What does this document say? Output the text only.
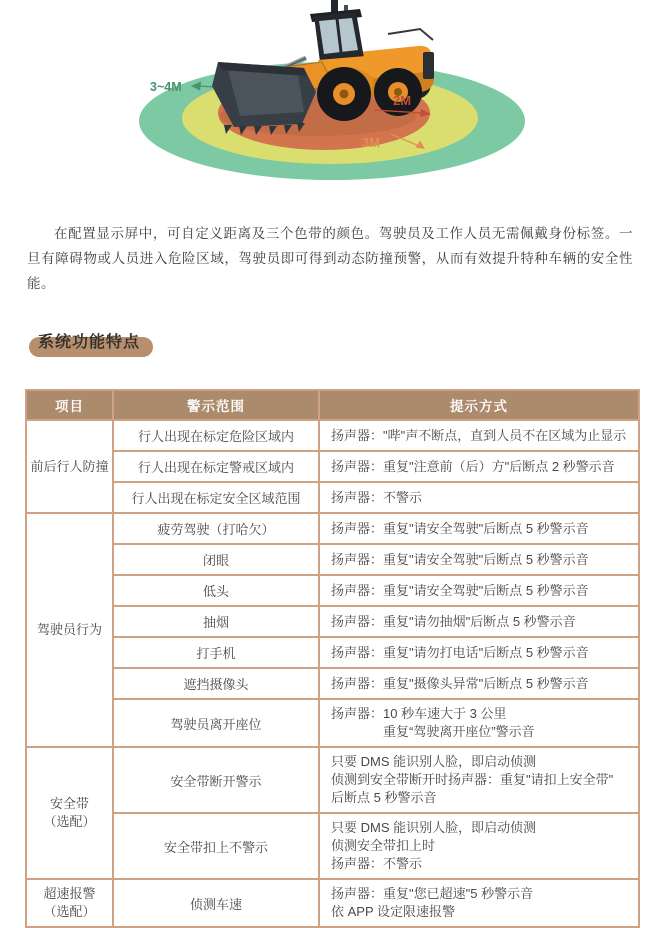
3~4M
2M
3M

在配置显示屏中，可自定义距离及三个色带的颜色。驾驶员及工作人员无需佩戴身份标签。一旦有障碍物或人员进入危险区域，驾驶员即可得到动态防撞预警，从而有效提升特种车辆的安全性能。

系统功能特点
项目	警示范围	提示方式

前后行人防撞	行人出现在标定危险区域内	扬声器："哔"声不断点，直到人员不在区域为止显示

	行人出现在标定警戒区域内	扬声器：重复"注意前（后）方"后断点 2 秒警示音

	行人出现在标定安全区域范围	扬声器：不警示

驾驶员行为	疲劳驾驶（打哈欠）	扬声器：重复"请安全驾驶"后断点 5 秒警示音

	闭眼	扬声器：重复"请安全驾驶"后断点 5 秒警示音

	低头	扬声器：重复"请安全驾驶"后断点 5 秒警示音

	抽烟	扬声器：重复"请勿抽烟"后断点 5 秒警示音

	打手机	扬声器：重复"请勿打电话"后断点 5 秒警示音

	遮挡摄像头	扬声器：重复"摄像头异常"后断点 5 秒警示音

	驾驶员离开座位	扬声器：10 秒车速大于 3 公里
重复“驾驶离开座位”警示音

安全带
（选配）	安全带断开警示	只要 DMS 能识别人脸，即启动侦测
侦测到安全带断开时扬声器：重复"请扣上安全带"
后断点 5 秒警示音

	安全带扣上不警示	只要 DMS 能识别人脸，即启动侦测
侦测安全带扣上时
扬声器：不警示

超速报警
（选配）	侦测车速	扬声器：重复"您已超速"5 秒警示音
依 APP 设定限速报警
